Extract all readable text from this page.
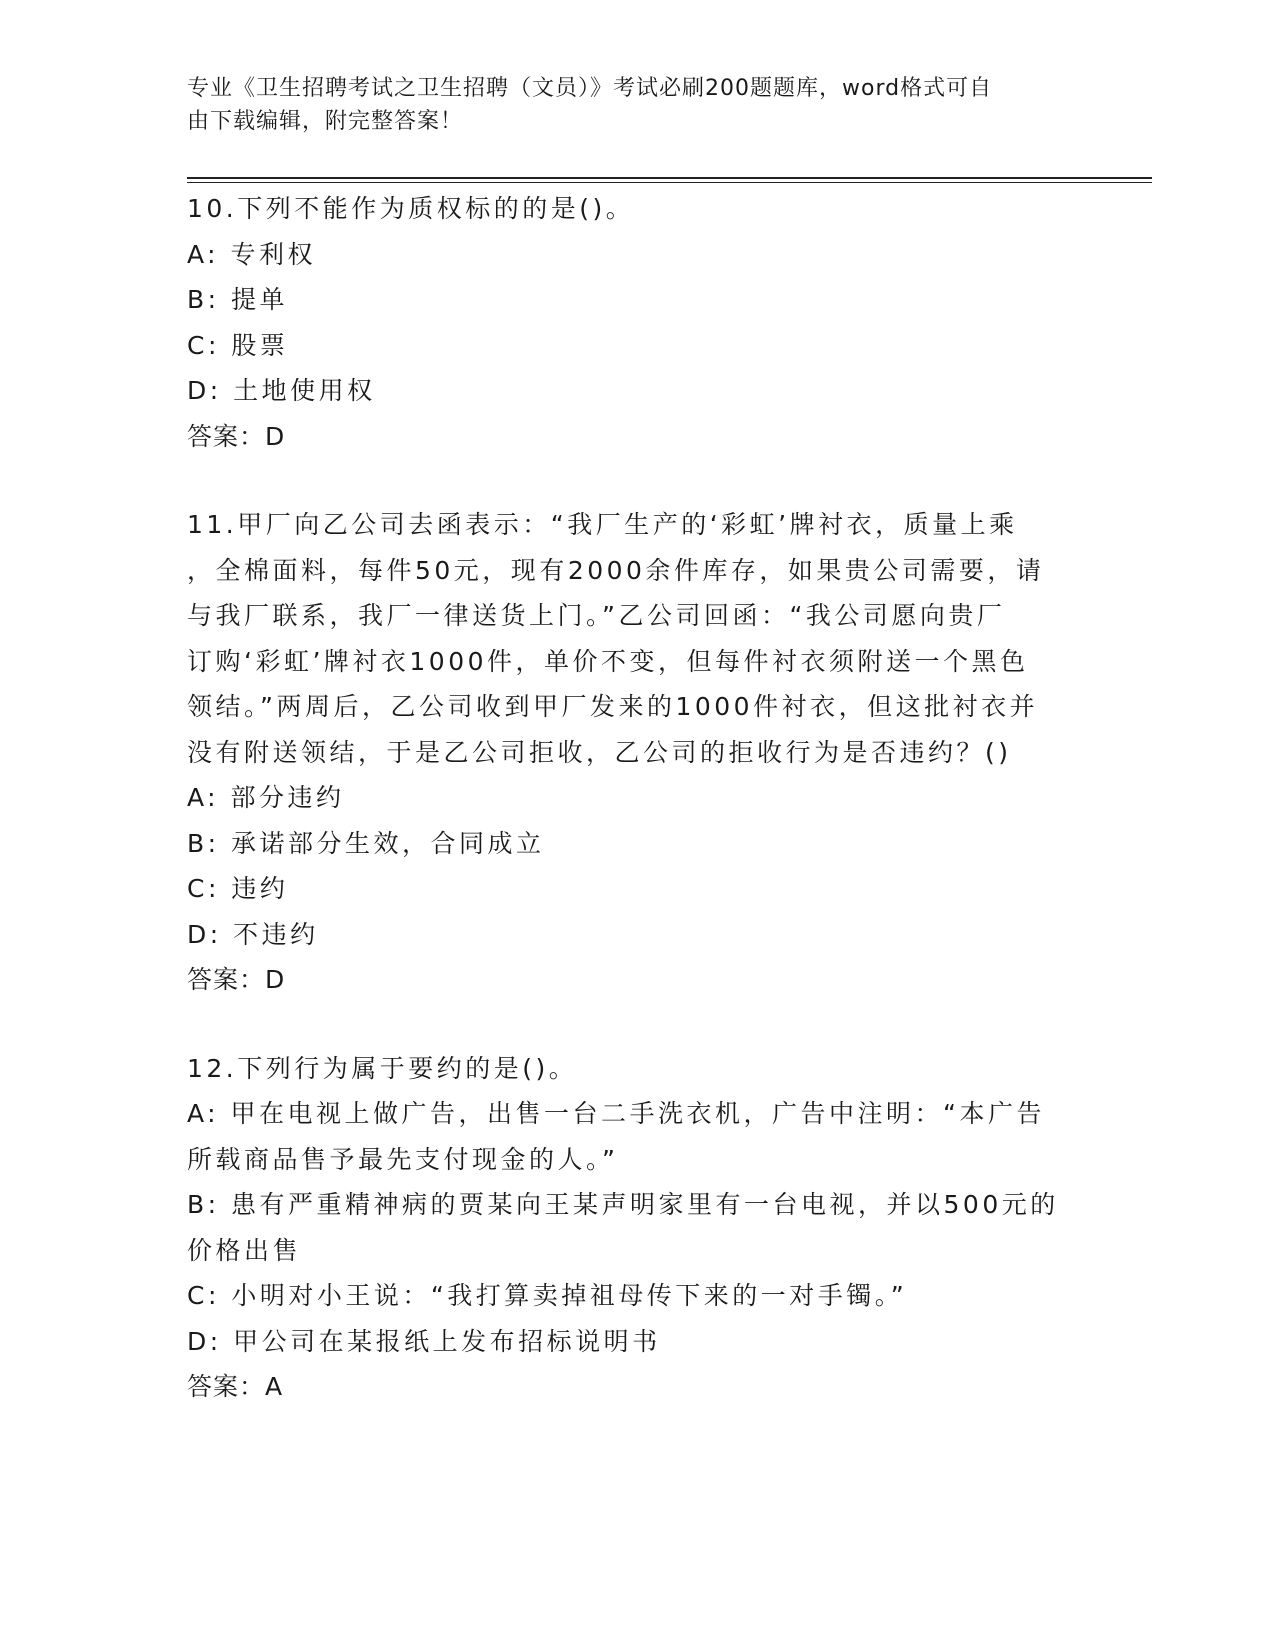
专业《卫生招聘考试之卫生招聘（文员）》考试必刷200题题库，word格式可自
由下载编辑，附完整答案！
10.下列不能作为质权标的的是()。
A: 专利权
B: 提单
C: 股票
D: 土地使用权
答案：D
11.甲厂向乙公司去函表示：“我厂生产的‘彩虹’牌衬衣，质量上乘
，全棉面料，每件50元，现有2000余件库存，如果贵公司需要，请
与我厂联系，我厂一律送货上门。”乙公司回函：“我公司愿向贵厂
订购‘彩虹’牌衬衣1000件，单价不变，但每件衬衣须附送一个黑色
领结。”两周后，乙公司收到甲厂发来的1000件衬衣，但这批衬衣并
没有附送领结，于是乙公司拒收，乙公司的拒收行为是否违约？()
A: 部分违约
B: 承诺部分生效，合同成立
C: 违约
D: 不违约
答案：D
12.下列行为属于要约的是()。
A: 甲在电视上做广告，出售一台二手洗衣机，广告中注明：“本广告
所载商品售予最先支付现金的人。”
B: 患有严重精神病的贾某向王某声明家里有一台电视，并以500元的
价格出售
C: 小明对小王说：“我打算卖掉祖母传下来的一对手镯。”
D: 甲公司在某报纸上发布招标说明书
答案：A
